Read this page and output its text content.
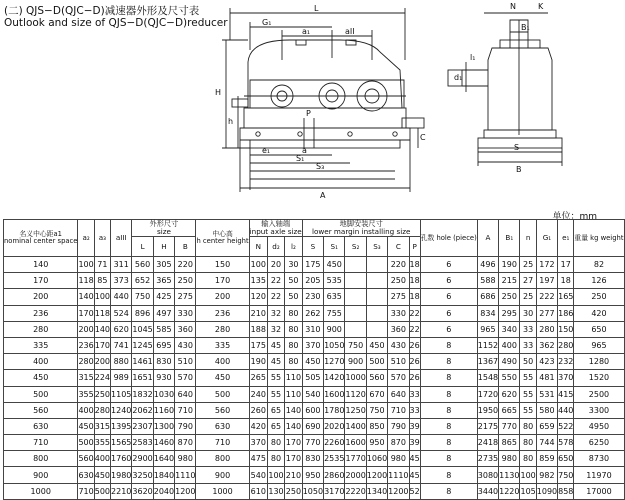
(二) QJS−D(QJC−D)减速器外形及尺寸表
Outlook and size of QJS−D(QJC−D)reducer
L
G₁
a₁	aII
H
h
P
C
e₁	a
S₁
S₃
A
N	K
B₁
d₁
l₁
S
B
单位：mm
名义中心距a1
nominal center space	a₂	a₃	aIII	外形尺寸
size			中心高
h center height	输入轴端
input axle size			地脚安装尺寸
lower margin installing size						孔数 hole (piece)	A	B₁	n	G₁	e₁	重量 kg weight
				L	H	B		N	d₂	l₂	S	S₁	S₂	S₃	C	P							
140	100	71	311	560	305	220	150	100	20	30	175	450			220	18	6	496	190	25	172	17	82
170	118	85	373	652	365	250	170	135	22	50	205	535			250	18	6	588	215	27	197	18	126
200	140	100	440	750	425	275	200	120	22	50	230	635			275	18	6	686	250	25	222	165	250
236	170	118	524	896	497	330	236	210	32	80	262	755			330	22	6	834	295	30	277	186	420
280	200	140	620	1045	585	360	280	188	32	80	310	900			360	22	6	965	340	33	280	150	650
335	236	170	741	1245	695	430	335	175	45	80	370	1050	750	450	430	26	8	1152	400	33	362	280	965
400	280	200	880	1461	830	510	400	190	45	80	450	1270	900	500	510	26	8	1367	490	50	423	232	1280
450	315	224	989	1651	930	570	450	265	55	110	505	1420	1000	560	570	26	8	1548	550	55	481	370	1520
500	355	250	1105	1832	1030	640	500	240	55	110	540	1600	1120	670	640	33	8	1720	620	55	531	415	2500
560	400	280	1240	2062	1160	710	560	260	65	140	600	1780	1250	750	710	33	8	1950	665	55	580	440	3300
630	450	315	1395	2307	1300	790	630	420	65	140	690	2020	1400	850	790	39	8	2175	770	80	659	522	4950
710	500	355	1565	2583	1460	870	710	370	80	170	770	2260	1600	950	870	39	8	2418	865	80	744	578	6250
800	560	400	1760	2900	1640	980	800	475	80	170	830	2535	1770	1060	980	45	8	2735	980	80	859	650	8730
900	630	450	1980	3250	1840	1110	900	540	100	210	950	2860	2000	1200	1110	45	8	3080	1130	100	982	750	11970
1000	710	500	2210	3620	2040	1200	1000	610	130	250	1050	3170	2220	1340	1200	52	8	3440	1220	105	1090	858	17000
